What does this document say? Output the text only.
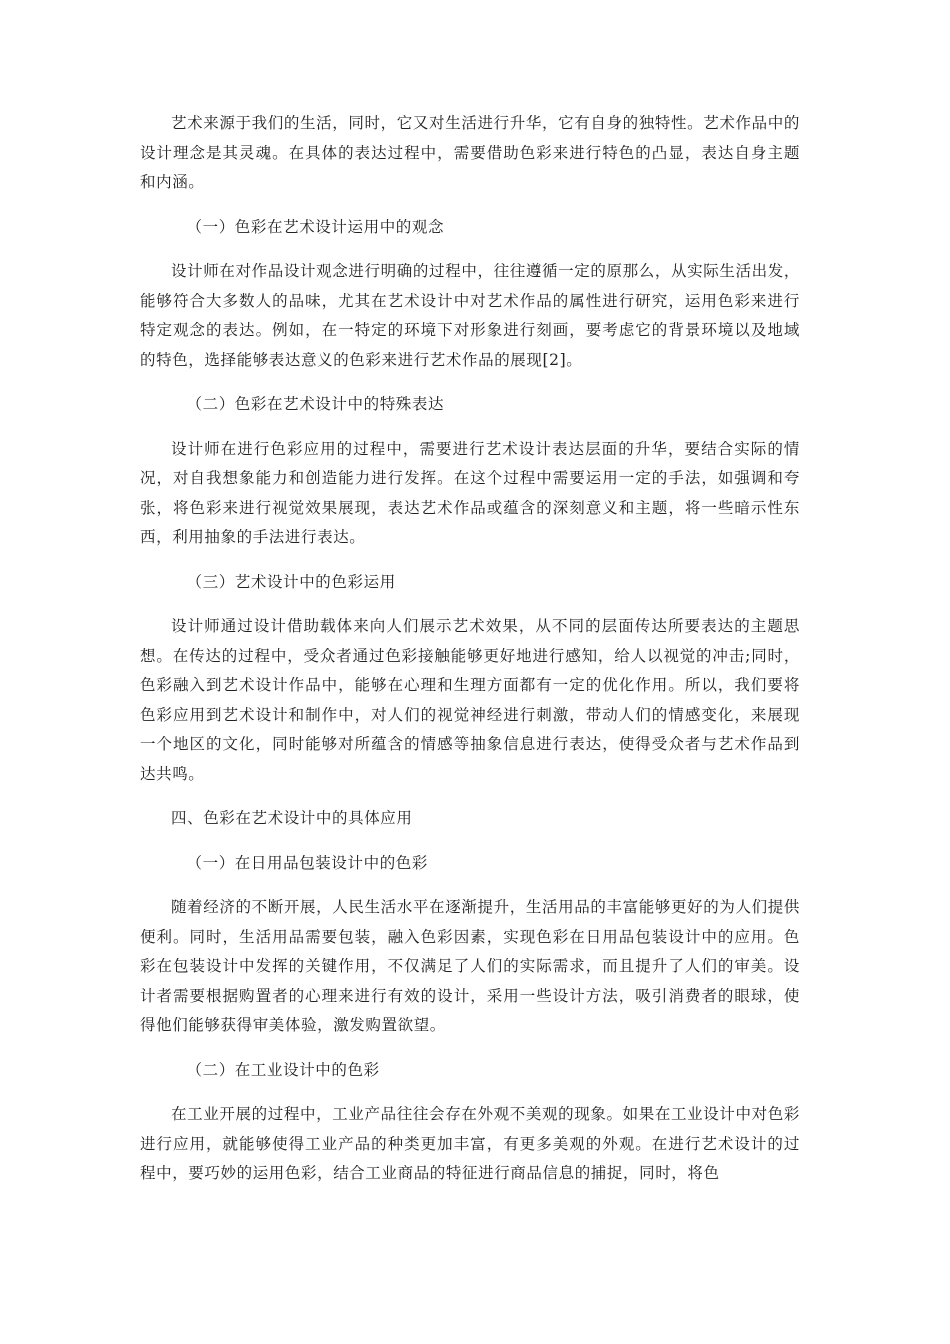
艺术来源于我们的生活，同时，它又对生活进行升华，它有自身的独特性。艺术作品中的设计理念是其灵魂。在具体的表达过程中，需要借助色彩来进行特色的凸显，表达自身主题和内涵。

（一）色彩在艺术设计运用中的观念

设计师在对作品设计观念进行明确的过程中，往往遵循一定的原那么，从实际生活出发，能够符合大多数人的品味，尤其在艺术设计中对艺术作品的属性进行研究，运用色彩来进行特定观念的表达。例如，在一特定的环境下对形象进行刻画，要考虑它的背景环境以及地域的特色，选择能够表达意义的色彩来进行艺术作品的展现[2]。

（二）色彩在艺术设计中的特殊表达

设计师在进行色彩应用的过程中，需要进行艺术设计表达层面的升华，要结合实际的情况，对自我想象能力和创造能力进行发挥。在这个过程中需要运用一定的手法，如强调和夸张，将色彩来进行视觉效果展现，表达艺术作品或蕴含的深刻意义和主题，将一些暗示性东西，利用抽象的手法进行表达。

（三）艺术设计中的色彩运用

设计师通过设计借助载体来向人们展示艺术效果，从不同的层面传达所要表达的主题思想。在传达的过程中，受众者通过色彩接触能够更好地进行感知，给人以视觉的冲击;同时，色彩融入到艺术设计作品中，能够在心理和生理方面都有一定的优化作用。所以，我们要将色彩应用到艺术设计和制作中，对人们的视觉神经进行刺激，带动人们的情感变化，来展现一个地区的文化，同时能够对所蕴含的情感等抽象信息进行表达，使得受众者与艺术作品到达共鸣。

四、色彩在艺术设计中的具体应用

（一）在日用品包装设计中的色彩

随着经济的不断开展，人民生活水平在逐渐提升，生活用品的丰富能够更好的为人们提供便利。同时，生活用品需要包装，融入色彩因素，实现色彩在日用品包装设计中的应用。色彩在包装设计中发挥的关键作用，不仅满足了人们的实际需求，而且提升了人们的审美。设计者需要根据购置者的心理来进行有效的设计，采用一些设计方法，吸引消费者的眼球，使得他们能够获得审美体验，激发购置欲望。

（二）在工业设计中的色彩

在工业开展的过程中，工业产品往往会存在外观不美观的现象。如果在工业设计中对色彩进行应用，就能够使得工业产品的种类更加丰富，有更多美观的外观。在进行艺术设计的过程中，要巧妙的运用色彩，结合工业商品的特征进行商品信息的捕捉，同时，将色
